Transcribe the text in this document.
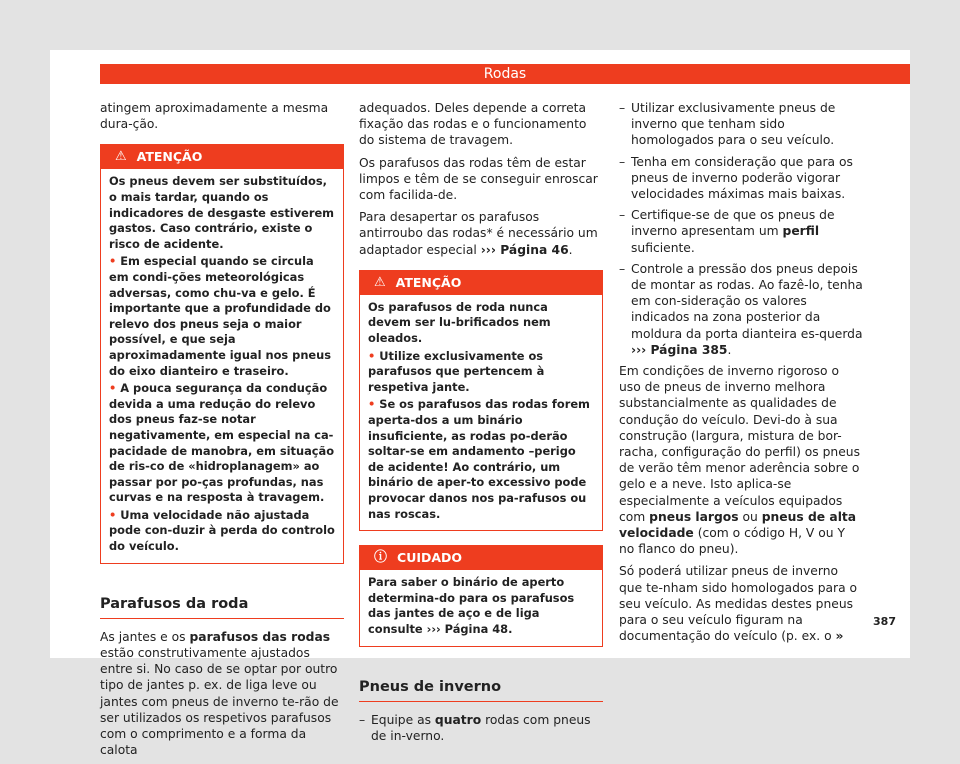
Rodas

atingem aproximadamente a mesma dura-ção.

⚠ ATENÇÃO

Os pneus devem ser substituídos, o mais tardar, quando os indicadores de desgaste estiverem gastos. Caso contrário, existe o risco de acidente.

• Em especial quando se circula em condi-ções meteorológicas adversas, como chu-va e gelo. É importante que a profundidade do relevo dos pneus seja o maior possível, e que seja aproximadamente igual nos pneus do eixo dianteiro e traseiro.

• A pouca segurança da condução devida a uma redução do relevo dos pneus faz-se notar negativamente, em especial na ca-pacidade de manobra, em situação de ris-co de «hidroplanagem» ao passar por po-ças profundas, nas curvas e na resposta à travagem.

• Uma velocidade não ajustada pode con-duzir à perda do controlo do veículo.

Parafusos da roda

As jantes e os parafusos das rodas estão construtivamente ajustados entre si. No caso de se optar por outro tipo de jantes p. ex. de liga leve ou jantes com pneus de inverno te-rão de ser utilizados os respetivos parafusos com o comprimento e a forma da calota

adequados. Deles depende a correta fixação das rodas e o funcionamento do sistema de travagem.

Os parafusos das rodas têm de estar limpos e têm de se conseguir enroscar com facilida-de.

Para desapertar os parafusos antirroubo das rodas* é necessário um adaptador especial ››› Página 46.

⚠ ATENÇÃO

Os parafusos de roda nunca devem ser lu-brificados nem oleados.

• Utilize exclusivamente os parafusos que pertencem à respetiva jante.

• Se os parafusos das rodas forem aperta-dos a um binário insuficiente, as rodas po-derão soltar-se em andamento –perigo de acidente! Ao contrário, um binário de aper-to excessivo pode provocar danos nos pa-rafusos ou nas roscas.

ⓘ CUIDADO

Para saber o binário de aperto determina-do para os parafusos das jantes de aço e de liga consulte ››› Página 48.

Pneus de inverno
– Equipe as quatro rodas com pneus de in-verno.
– Utilizar exclusivamente pneus de inverno que tenham sido homologados para o seu veículo.
– Tenha em consideração que para os pneus de inverno poderão vigorar velocidades máximas mais baixas.
– Certifique-se de que os pneus de inverno apresentam um perfil suficiente.
– Controle a pressão dos pneus depois de montar as rodas. Ao fazê-lo, tenha em con-sideração os valores indicados na zona posterior da moldura da porta dianteira es-querda ››› Página 385.

Em condições de inverno rigoroso o uso de pneus de inverno melhora substancialmente as qualidades de condução do veículo. Devi-do à sua construção (largura, mistura de bor-racha, configuração do perfil) os pneus de verão têm menor aderência sobre o gelo e a neve. Isto aplica-se especialmente a veículos equipados com pneus largos ou pneus de alta velocidade (com o código H, V ou Y no flanco do pneu).

Só poderá utilizar pneus de inverno que te-nham sido homologados para o seu veículo. As medidas destes pneus para o seu veículo figuram na documentação do veículo (p. ex. o »

387
